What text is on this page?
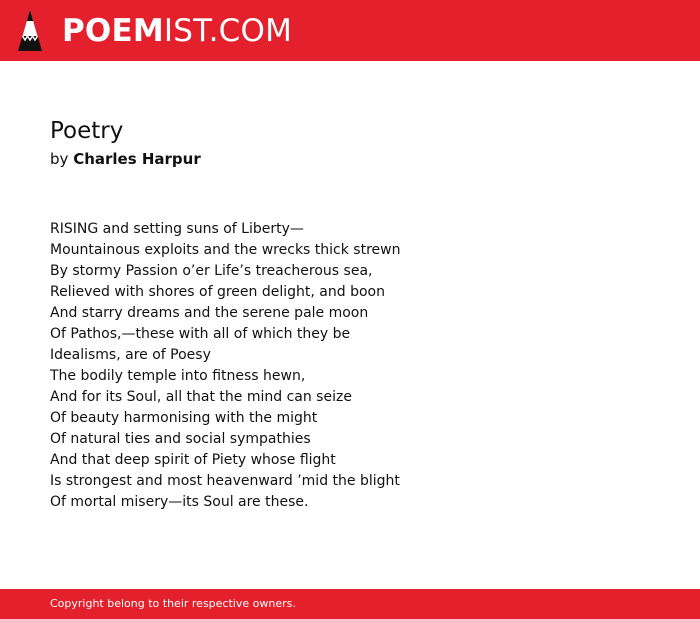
POEMIST.COM
Poetry
by Charles Harpur
RISING and setting suns of Liberty—
Mountainous exploits and the wrecks thick strewn
By stormy Passion o’er Life’s treacherous sea,
Relieved with shores of green delight, and boon
And starry dreams and the serene pale moon
Of Pathos,—these with all of which they be
Idealisms, are of Poesy
The bodily temple into fitness hewn,
And for its Soul, all that the mind can seize
Of beauty harmonising with the might
Of natural ties and social sympathies
And that deep spirit of Piety whose flight
Is strongest and most heavenward ’mid the blight
Of mortal misery—its Soul are these.
Copyright belong to their respective owners.
